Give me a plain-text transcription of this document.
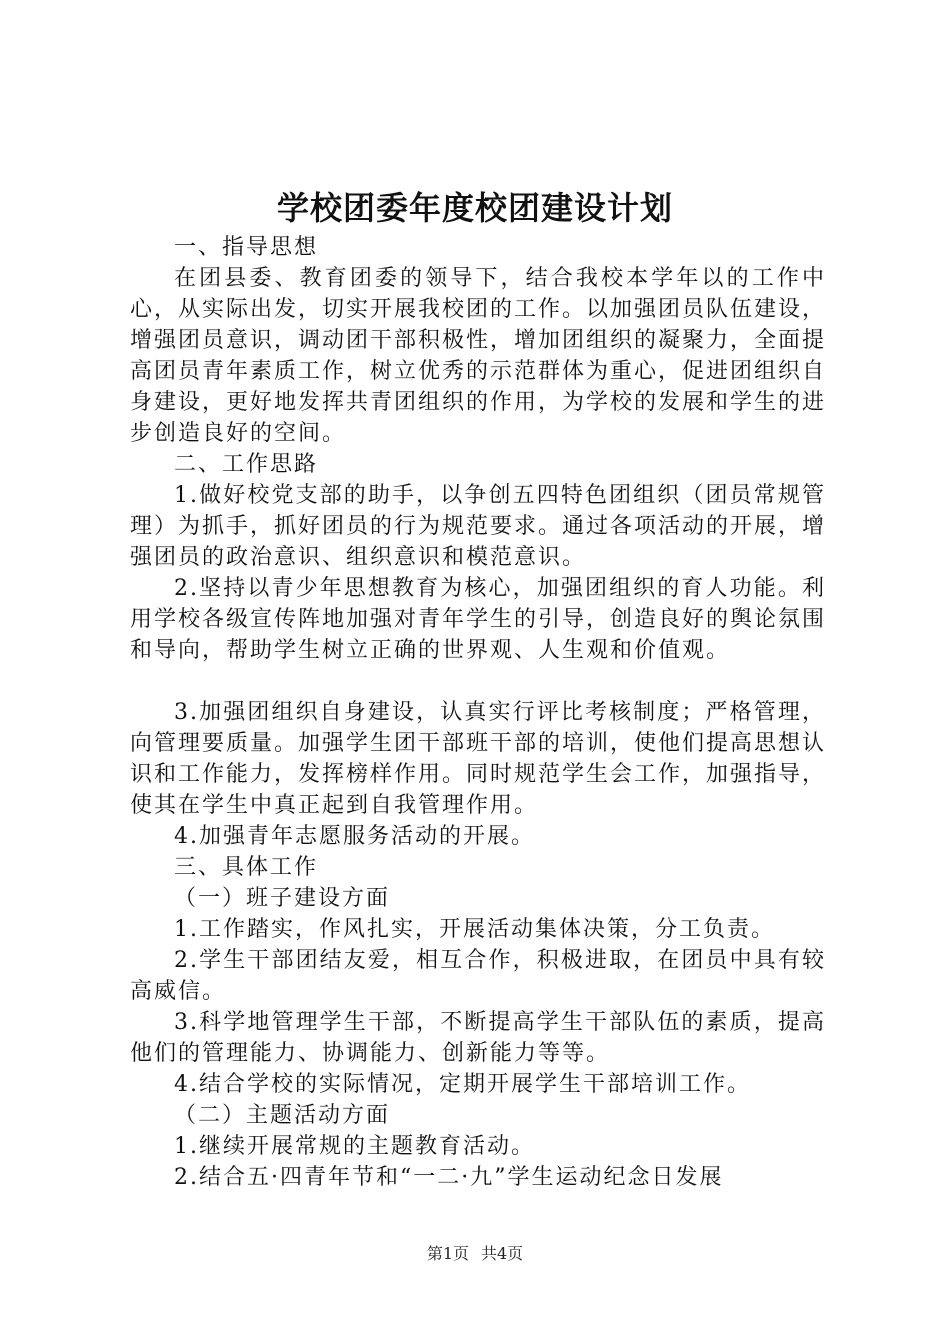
学校团委年度校团建设计划

一、指导思想

在团县委、教育团委的领导下，结合我校本学年以的工作中心，从实际出发，切实开展我校团的工作。以加强团员队伍建设，增强团员意识，调动团干部积极性，增加团组织的凝聚力，全面提高团员青年素质工作，树立优秀的示范群体为重心，促进团组织自身建设，更好地发挥共青团组织的作用，为学校的发展和学生的进步创造良好的空间。

二、工作思路

1.做好校党支部的助手，以争创五四特色团组织（团员常规管理）为抓手，抓好团员的行为规范要求。通过各项活动的开展，增强团员的政治意识、组织意识和模范意识。

2.坚持以青少年思想教育为核心，加强团组织的育人功能。利用学校各级宣传阵地加强对青年学生的引导，创造良好的舆论氛围和导向，帮助学生树立正确的世界观、人生观和价值观。

3.加强团组织自身建设，认真实行评比考核制度；严格管理，向管理要质量。加强学生团干部班干部的培训，使他们提高思想认识和工作能力，发挥榜样作用。同时规范学生会工作，加强指导，使其在学生中真正起到自我管理作用。

4.加强青年志愿服务活动的开展。

三、具体工作

（一）班子建设方面

1.工作踏实，作风扎实，开展活动集体决策，分工负责。

2.学生干部团结友爱，相互合作，积极进取，在团员中具有较高威信。

3.科学地管理学生干部，不断提高学生干部队伍的素质，提高他们的管理能力、协调能力、创新能力等等。

4.结合学校的实际情况，定期开展学生干部培训工作。

（二）主题活动方面

1.继续开展常规的主题教育活动。

2.结合五·四青年节和“一二·九”学生运动纪念日发展

第1页 共4页
